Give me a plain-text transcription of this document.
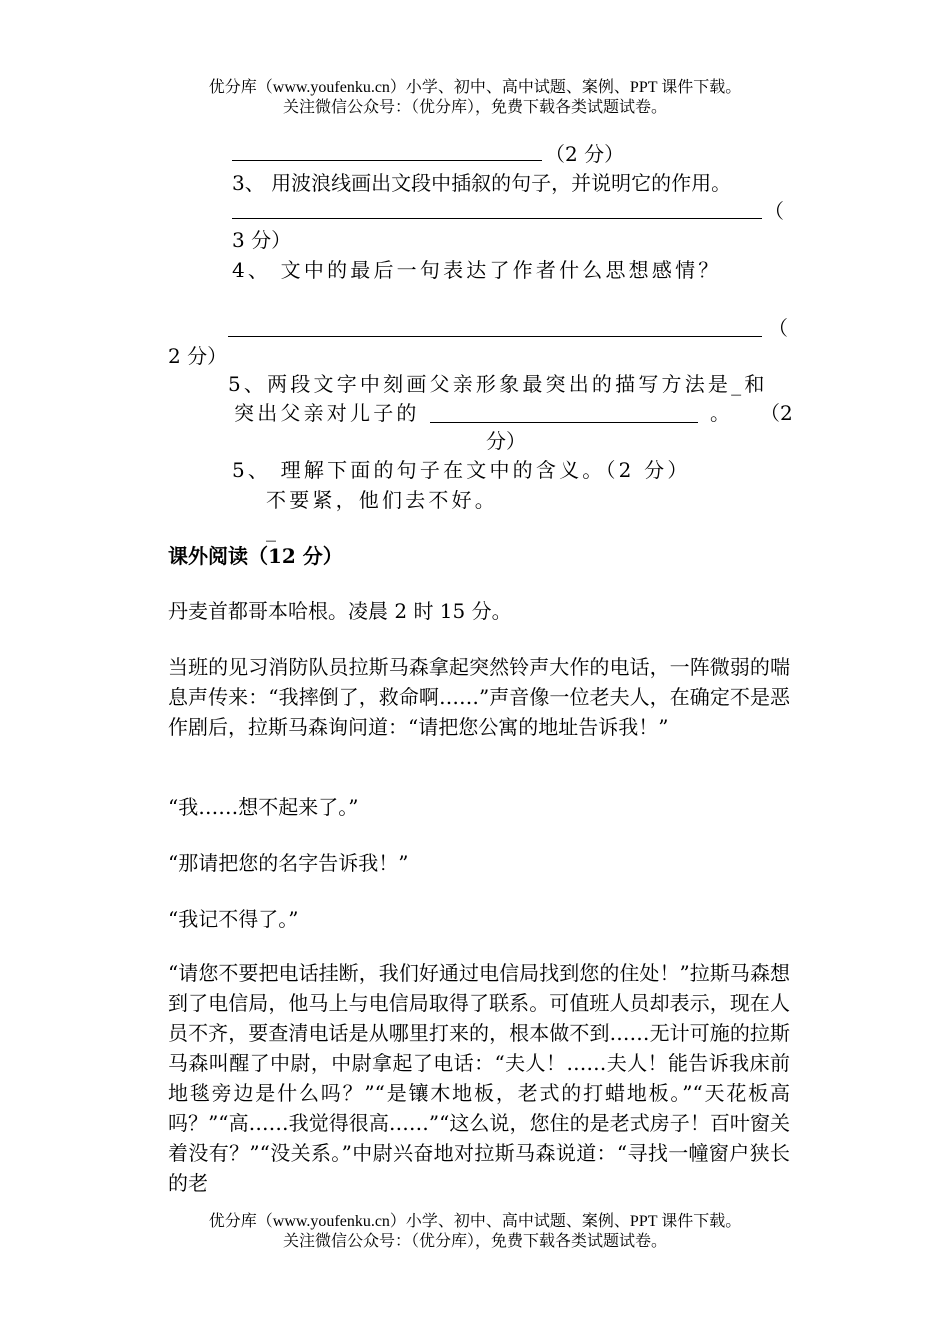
优分库（www.youfenku.cn）小学、初中、高中试题、案例、PPT 课件下载。
关注微信公众号：（优分库），免费下载各类试题试卷。
（2 分）
3、 用波浪线画出文段中插叙的句子，并说明它的作用。
（
3 分）
4、 文中的最后一句表达了作者什么思想感情？
（
2 分）
5、两段文字中刻画父亲形象最突出的描写方法是_和
突出父亲对儿子的	。 （2
分）
5、 理解下面的句子在文中的含义。（2 分）
不要紧，他们去不好。
_
课外阅读（12 分）
丹麦首都哥本哈根。凌晨 2 时 15 分。
当班的见习消防队员拉斯马森拿起突然铃声大作的电话，一阵微弱的喘息声传来：“我摔倒了，救命啊……”声音像一位老夫人，在确定不是恶作剧后，拉斯马森询问道：“请把您公寓的地址告诉我！”
“我……想不起来了。”
“那请把您的名字告诉我！”
“我记不得了。”
“请您不要把电话挂断，我们好通过电信局找到您的住处！”拉斯马森想到了电信局，他马上与电信局取得了联系。可值班人员却表示，现在人员不齐，要查清电话是从哪里打来的，根本做不到……无计可施的拉斯马森叫醒了中尉，中尉拿起了电话：“夫人！……夫人！能告诉我床前地毯旁边是什么吗？”“是镶木地板，老式的打蜡地板。”“天花板高吗？”“高……我觉得很高……”“这么说，您住的是老式房子！百叶窗关着没有？”“没关系。”中尉兴奋地对拉斯马森说道：“寻找一幢窗户狭长的老
优分库（www.youfenku.cn）小学、初中、高中试题、案例、PPT 课件下载。
关注微信公众号：（优分库），免费下载各类试题试卷。
